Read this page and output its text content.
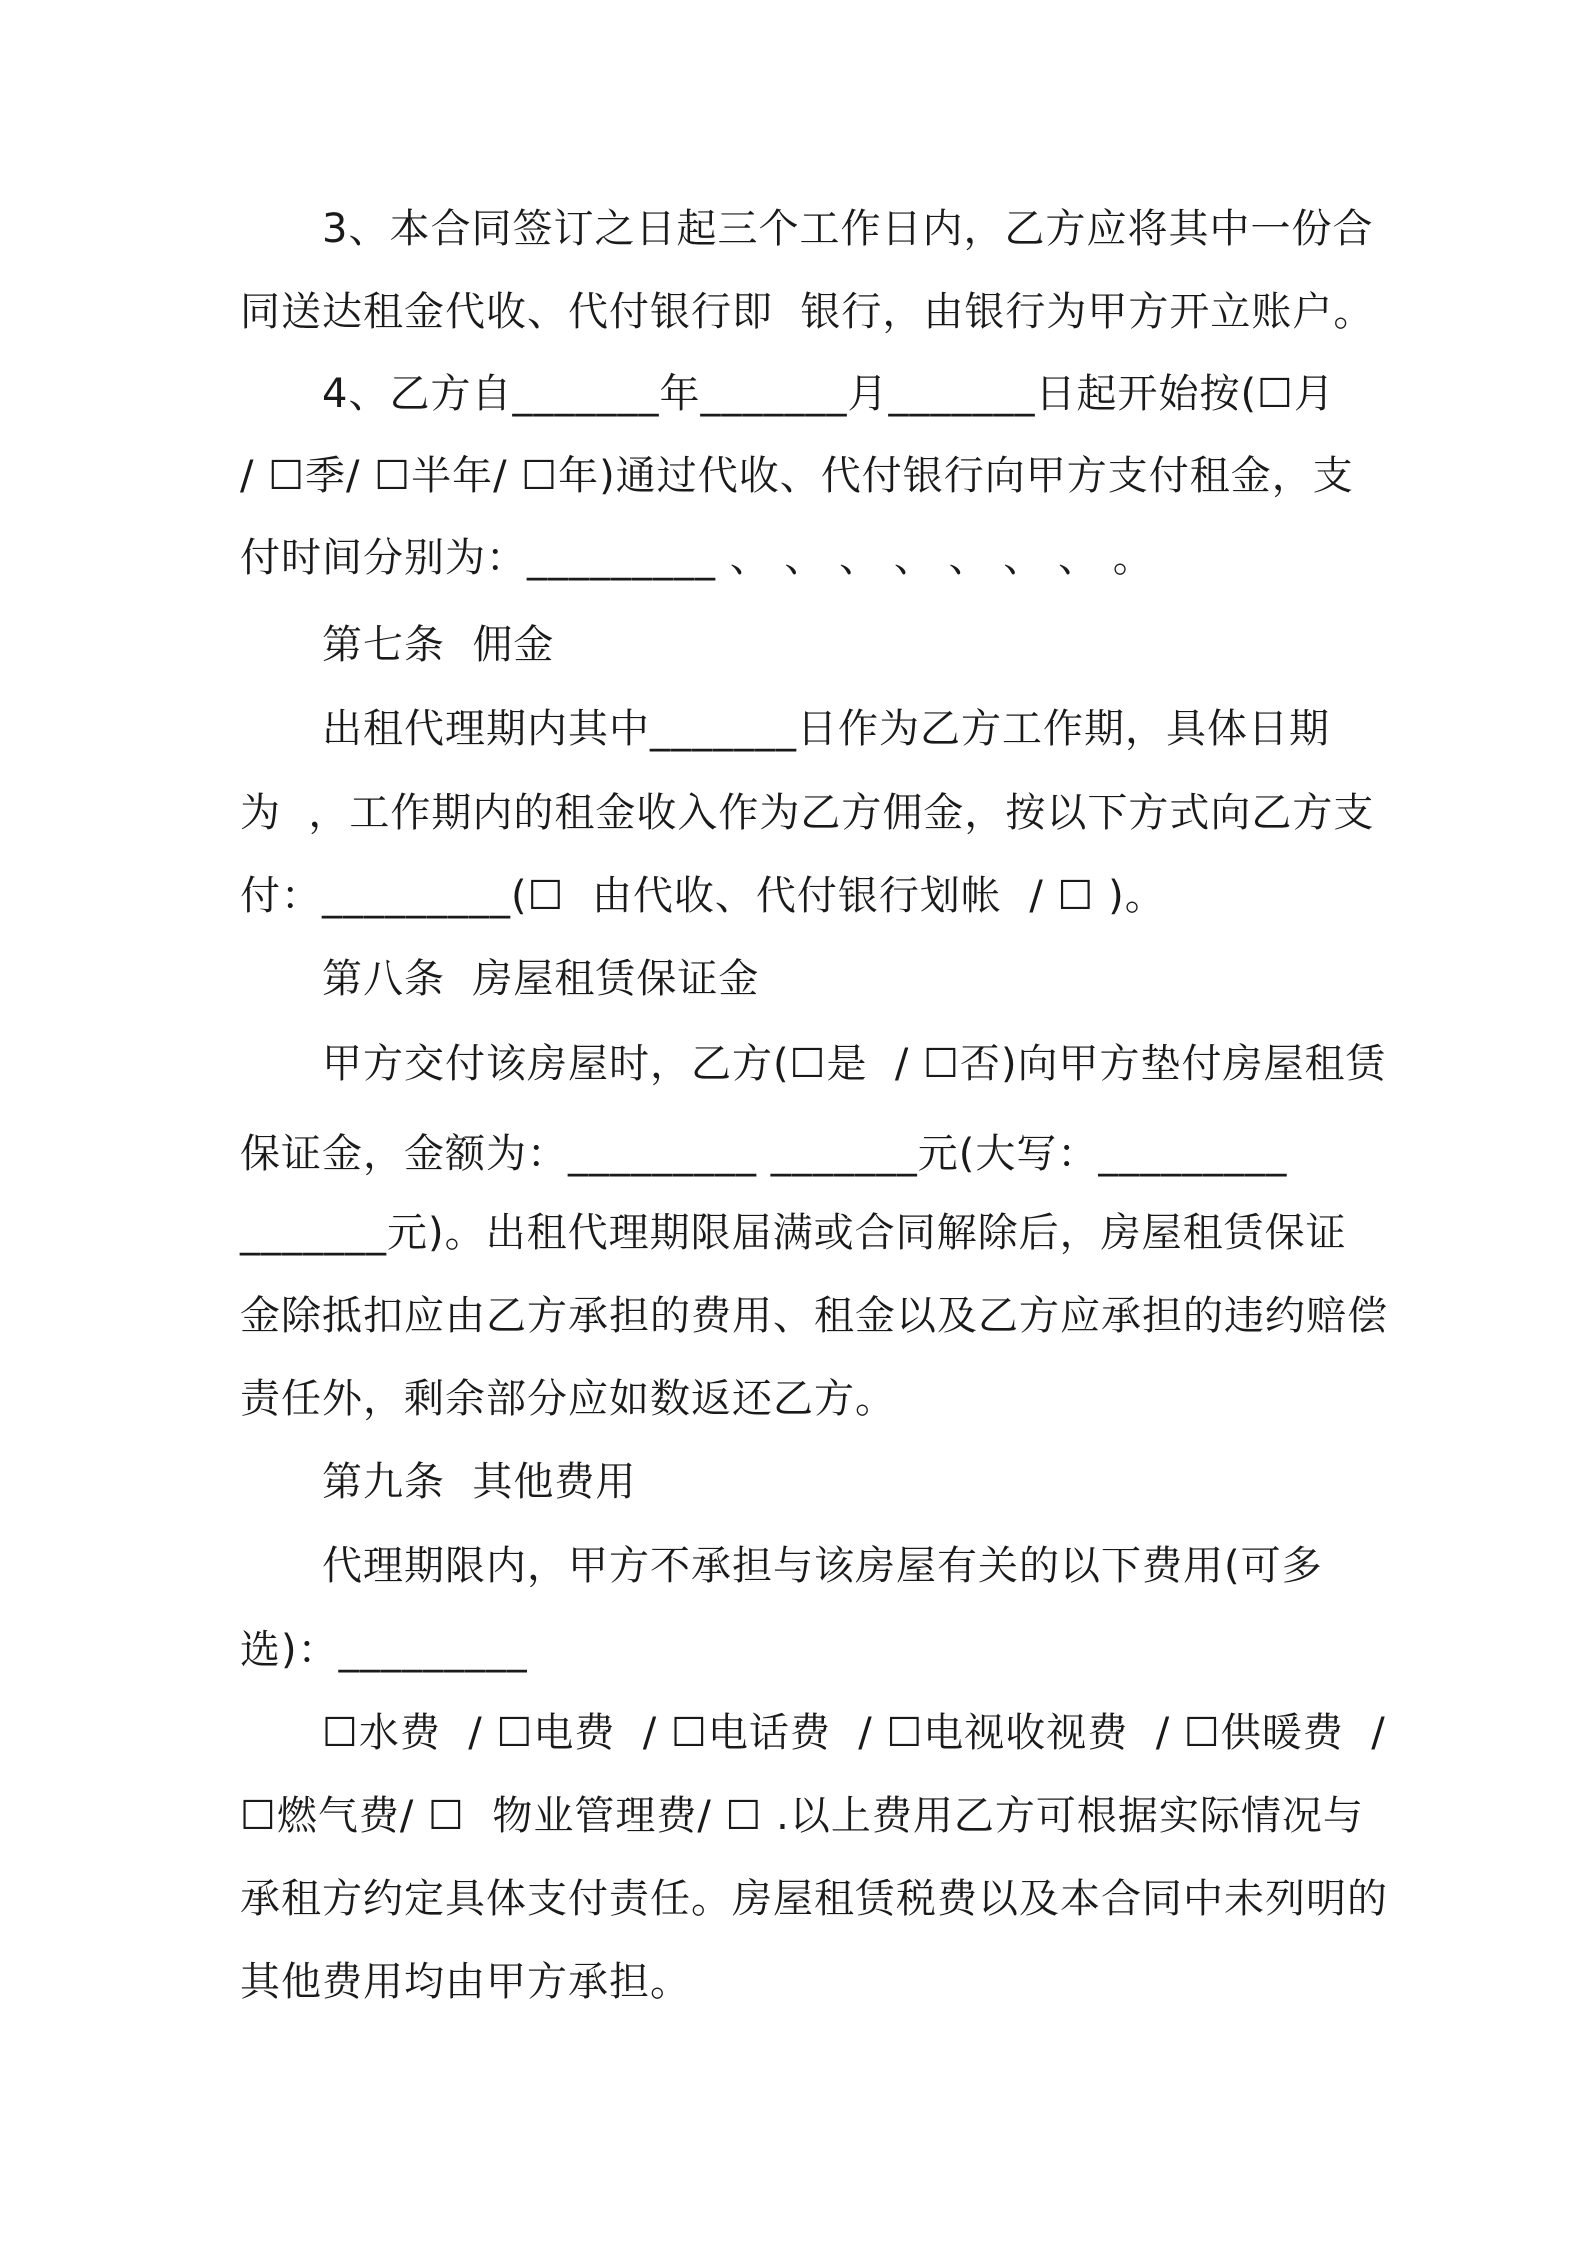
3、本合同签订之日起三个工作日内，乙方应将其中一份合
同送达租金代收、代付银行即  银行，由银行为甲方开立账户。
4、乙方自_______年_______月_______日起开始按(☐月
/ ☐季/ ☐半年/ ☐年)通过代收、代付银行向甲方支付租金，支
付时间分别为：_________ 、 、 、 、 、 、 、 。
第七条  佣金
出租代理期内其中_______日作为乙方工作期，具体日期
为  ，工作期内的租金收入作为乙方佣金，按以下方式向乙方支
付：_________(☐  由代收、代付银行划帐  / ☐ )。
第八条  房屋租赁保证金
甲方交付该房屋时，乙方(☐是  / ☐否)向甲方垫付房屋租赁
保证金，金额为：_________ _______元(大写：_________
_______元)。出租代理期限届满或合同解除后，房屋租赁保证
金除抵扣应由乙方承担的费用、租金以及乙方应承担的违约赔偿
责任外，剩余部分应如数返还乙方。
第九条  其他费用
代理期限内，甲方不承担与该房屋有关的以下费用(可多
选)：_________
☐水费  / ☐电费  / ☐电话费  / ☐电视收视费  / ☐供暖费  /
☐燃气费/ ☐  物业管理费/ ☐ .以上费用乙方可根据实际情况与
承租方约定具体支付责任。房屋租赁税费以及本合同中未列明的
其他费用均由甲方承担。
